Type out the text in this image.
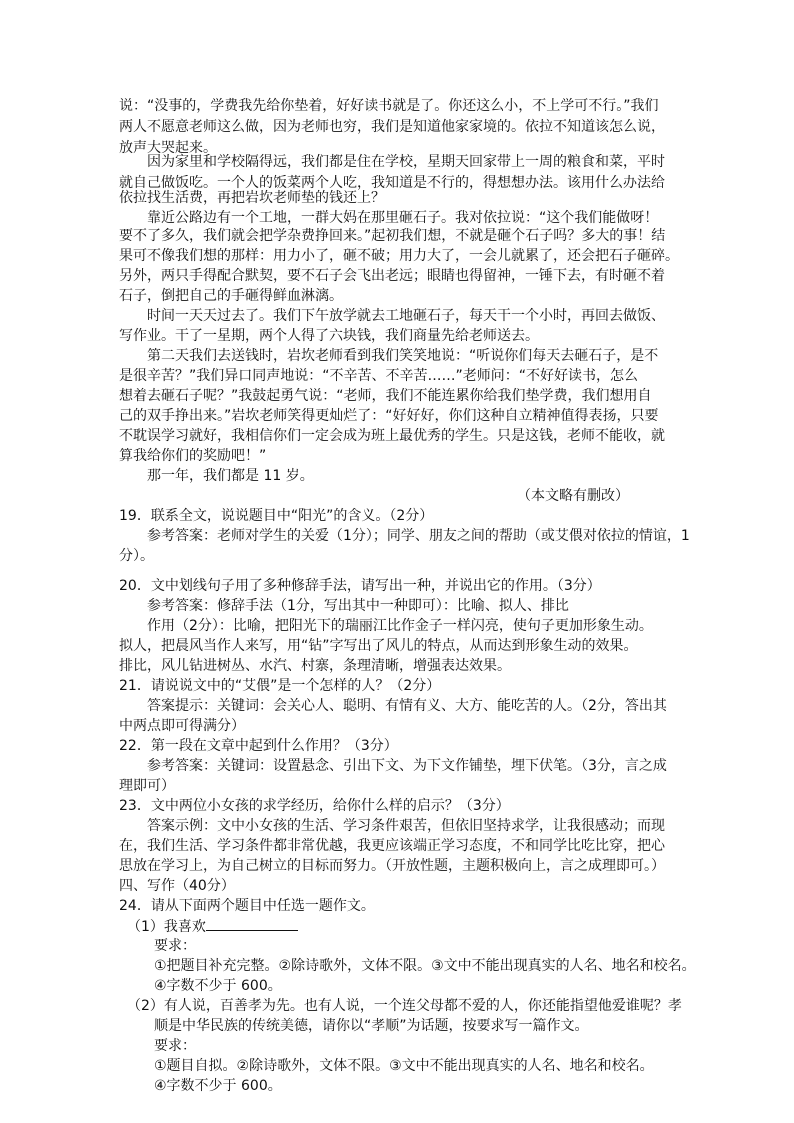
说：“没事的，学费我先给你垫着，好好读书就是了。你还这么小，不上学可不行。”我们
两人不愿意老师这么做，因为老师也穷，我们是知道他家家境的。依拉不知道该怎么说，
放声大哭起来。
因为家里和学校隔得远，我们都是住在学校，星期天回家带上一周的粮食和菜，平时
就自己做饭吃。一个人的饭菜两个人吃，我知道是不行的，得想想办法。该用什么办法给
依拉找生活费，再把岩坎老师垫的钱还上？
靠近公路边有一个工地，一群大妈在那里砸石子。我对依拉说：“这个我们能做呀！
要不了多久，我们就会把学杂费挣回来。”起初我们想，不就是砸个石子吗？多大的事！结
果可不像我们想的那样：用力小了，砸不破；用力大了，一会儿就累了，还会把石子砸碎。
另外，两只手得配合默契，要不石子会飞出老远；眼睛也得留神，一锤下去，有时砸不着
石子，倒把自己的手砸得鲜血淋漓。
时间一天天过去了。我们下午放学就去工地砸石子，每天干一个小时，再回去做饭、
写作业。干了一星期，两个人得了六块钱，我们商量先给老师送去。
第二天我们去送钱时，岩坎老师看到我们笑笑地说：“听说你们每天去砸石子，是不
是很辛苦？”我们异口同声地说：“不辛苦、不辛苦……”老师问：“不好好读书，怎么
想着去砸石子呢？”我鼓起勇气说：“老师，我们不能连累你给我们垫学费，我们想用自
己的双手挣出来。”岩坎老师笑得更灿烂了：“好好好，你们这种自立精神值得表扬，只要
不耽误学习就好，我相信你们一定会成为班上最优秀的学生。只是这钱，老师不能收，就
算我给你们的奖励吧！”
那一年，我们都是 11 岁。
（本文略有删改）
19．联系全文，说说题目中“阳光”的含义。（2分）
参考答案：老师对学生的关爱（1分）；同学、朋友之间的帮助（或艾偎对依拉的情谊，1
分）。
20．文中划线句子用了多种修辞手法，请写出一种，并说出它的作用。（3分）
参考答案：修辞手法（1分，写出其中一种即可）：比喻、拟人、排比
作用（2分）：比喻，把阳光下的瑞丽江比作金子一样闪亮，使句子更加形象生动。
拟人，把晨风当作人来写，用“钻”字写出了风儿的特点，从而达到形象生动的效果。
排比，风儿钻进树丛、水汽、村寨，条理清晰，增强表达效果。
21．请说说文中的“艾偎”是一个怎样的人？（2分）
答案提示：关键词：会关心人、聪明、有情有义、大方、能吃苦的人。（2分，答出其
中两点即可得满分）
22．第一段在文章中起到什么作用？（3分）
参考答案：关键词：设置悬念、引出下文、为下文作铺垫，埋下伏笔。（3分，言之成
理即可）
23．文中两位小女孩的求学经历，给你什么样的启示？（3分）
答案示例：文中小女孩的生活、学习条件艰苦，但依旧坚持求学，让我很感动；而现
在，我们生活、学习条件都非常优越，我更应该端正学习态度，不和同学比吃比穿，把心
思放在学习上，为自己树立的目标而努力。（开放性题，主题积极向上，言之成理即可。）
四、写作（40分）
24．请从下面两个题目中任选一题作文。
（1）我喜欢
要求：
①把题目补充完整。②除诗歌外，文体不限。③文中不能出现真实的人名、地名和校名。
④字数不少于 600。
（2）有人说，百善孝为先。也有人说，一个连父母都不爱的人，你还能指望他爱谁呢？孝
顺是中华民族的传统美德，请你以“孝顺”为话题，按要求写一篇作文。
要求：
①题目自拟。②除诗歌外，文体不限。③文中不能出现真实的人名、地名和校名。
④字数不少于 600。
